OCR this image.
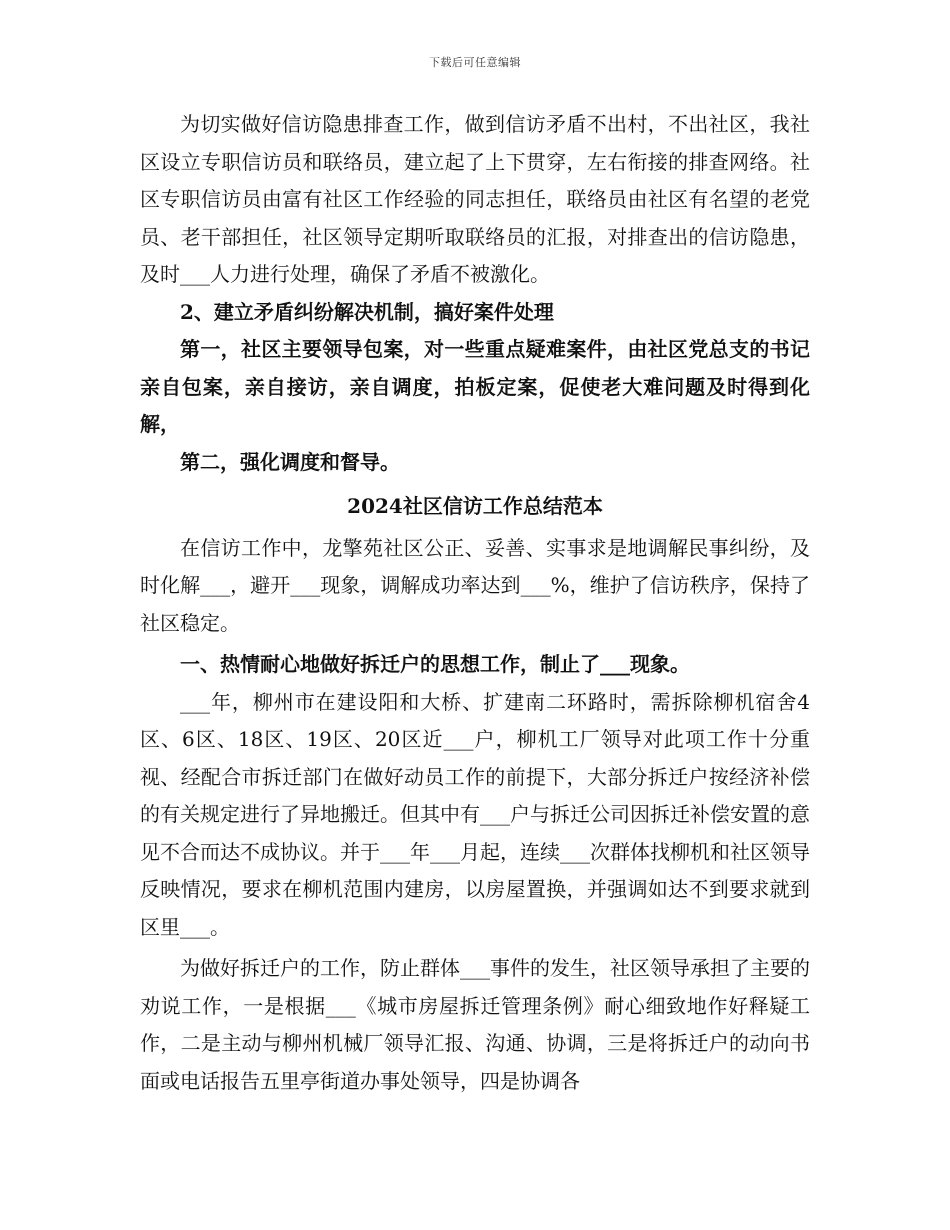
下载后可任意编辑

为切实做好信访隐患排查工作，做到信访矛盾不出村，不出社区，我社区设立专职信访员和联络员，建立起了上下贯穿，左右衔接的排查网络。社区专职信访员由富有社区工作经验的同志担任，联络员由社区有名望的老党员、老干部担任，社区领导定期听取联络员的汇报，对排查出的信访隐患，及时___人力进行处理，确保了矛盾不被激化。

2、建立矛盾纠纷解决机制，搞好案件处理

第一，社区主要领导包案，对一些重点疑难案件，由社区党总支的书记亲自包案，亲自接访，亲自调度，拍板定案，促使老大难问题及时得到化解，

第二，强化调度和督导。

2024社区信访工作总结范本

在信访工作中，龙擎苑社区公正、妥善、实事求是地调解民事纠纷，及时化解___，避开___现象，调解成功率达到___%，维护了信访秩序，保持了社区稳定。

一、热情耐心地做好拆迁户的思想工作，制止了___现象。

___年，柳州市在建设阳和大桥、扩建南二环路时，需拆除柳机宿舍4区、6区、18区、19区、20区近___户，柳机工厂领导对此项工作十分重视、经配合市拆迁部门在做好动员工作的前提下，大部分拆迁户按经济补偿的有关规定进行了异地搬迁。但其中有___户与拆迁公司因拆迁补偿安置的意见不合而达不成协议。并于___年___月起，连续___次群体找柳机和社区领导反映情况，要求在柳机范围内建房，以房屋置换，并强调如达不到要求就到区里___。

为做好拆迁户的工作，防止群体___事件的发生，社区领导承担了主要的劝说工作，一是根据___《城市房屋拆迁管理条例》耐心细致地作好释疑工作，二是主动与柳州机械厂领导汇报、沟通、协调，三是将拆迁户的动向书面或电话报告五里亭街道办事处领导，四是协调各
